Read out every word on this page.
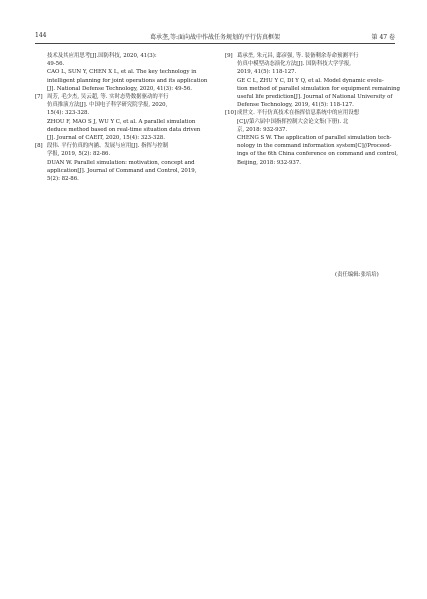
144	葛承垄,等:面向战中作战任务规划的平行仿真框架	第 47 卷
技术及其应用思考[J].国防科技, 2020, 41(3):
49-56.
CAO L, SUN Y, CHEN X L, et al. The key technology in
intelligent planning for joint operations and its application
[J]. National Defense Technology, 2020, 41(3): 49-56.
[7] 周芳, 毛少杰, 吴云超, 等. 实时态势数据驱动的平行
仿真推演方法[J]. 中国电子科学研究院学报, 2020,
15(4): 323-328.
ZHOU F, MAO S J, WU Y C, et al. A parallel simulation
deduce method based on real-time situation data driven
[J]. Journal of CAEIT, 2020, 15(4): 323-328.
[8] 段伟. 平行仿真的内涵、发展与应用[J]. 指挥与控制
学报, 2019, 5(2): 82-86.
DUAN W. Parallel simulation: motivation, concept and
application[J]. Journal of Command and Control, 2019,
5(2): 82-86.
[9] 葛承垄, 朱元昌, 邸彦强, 等. 装备剩余寿命预测平行
仿真中模型动态演化方法[J]. 国防科技大学学报,
2019, 41(5): 118-127.
GE C L, ZHU Y C, DI Y Q, et al. Model dynamic evolu-
tion method of parallel simulation for equipment remaining
useful life prediction[J]. Journal of National University of
Defense Technology, 2019, 41(5): 118-127.
[10] 成世文. 平行仿真技术在指挥信息系统中的应用设想
[C]//第六届中国指挥控制大会论文集(下册). 北
京, 2018: 932-937.
CHENG S W. The application of parallel simulation tech-
nology in the command information system[C]//Proceed-
ings of the 6th China conference on command and control,
Beijing, 2018: 932-937.
(责任编辑:张培培)
